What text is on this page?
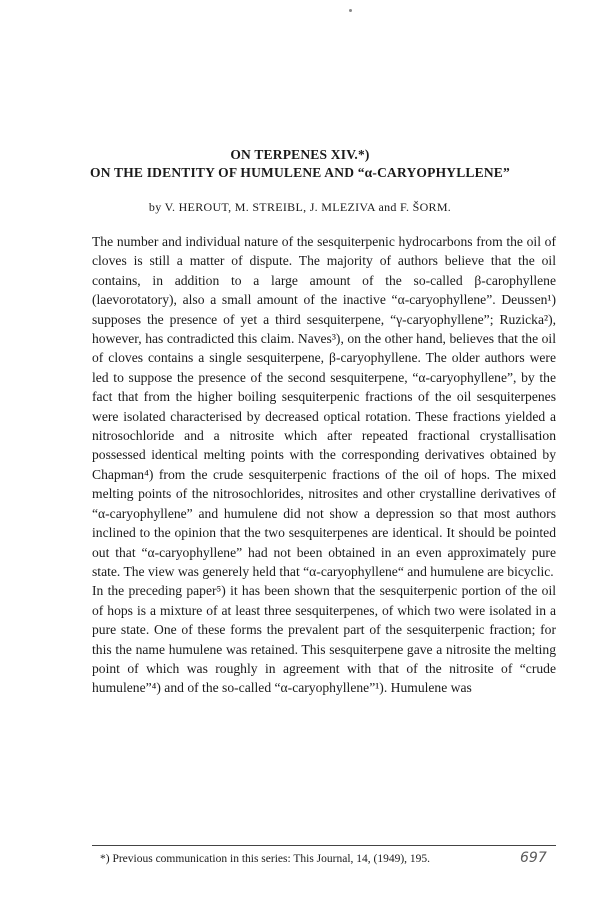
ON TERPENES XIV.*)
ON THE IDENTITY OF HUMULENE AND “α-CARYOPHYLLENE”
by V. HEROUT, M. STREIBL, J. MLEZIVA and F. ŠORM.

The number and individual nature of the sesquiterpenic hydrocarbons from the oil of cloves is still a matter of dispute. The majority of authors believe that the oil contains, in addition to a large amount of the so-called β-carophyllene (laevorotatory), also a small amount of the inactive “α-caryophyllene”. Deussen¹) supposes the presence of yet a third sesquiterpene, “γ-caryophyllene”; Ruzicka²), however, has contradicted this claim. Naves³), on the other hand, believes that the oil of cloves contains a single sesquiterpene, β-caryophyllene. The older authors were led to suppose the presence of the second sesquiterpene, “α-caryophyllene”, by the fact that from the higher boiling sesquiterpenic fractions of the oil sesquiterpenes were isolated characterised by decreased optical rotation. These fractions yielded a nitrosochloride and a nitrosite which after repeated fractional crystallisation possessed identical melting points with the corresponding derivatives obtained by Chapman⁴) from the crude sesquiterpenic fractions of the oil of hops. The mixed melting points of the nitrosochlorides, nitrosites and other crystalline derivatives of “α-caryophyllene” and humulene did not show a depression so that most authors inclined to the opinion that the two sesquiterpenes are identical. It should be pointed out that “α-caryophyllene” had not been obtained in an even approximately pure state. The view was generely held that “α-caryophyllene“ and humulene are bicyclic.

In the preceding paper⁵) it has been shown that the sesquiterpenic portion of the oil of hops is a mixture of at least three sesquiterpenes, of which two were isolated in a pure state. One of these forms the prevalent part of the sesquiterpenic fraction; for this the name humulene was retained. This sesquiterpene gave a nitrosite the melting point of which was roughly in agreement with that of the nitrosite of “crude humulene”⁴) and of the so-called “α-caryophyllene”¹). Humulene was

*) Previous communication in this series: This Journal, 14, (1949), 195.	697
